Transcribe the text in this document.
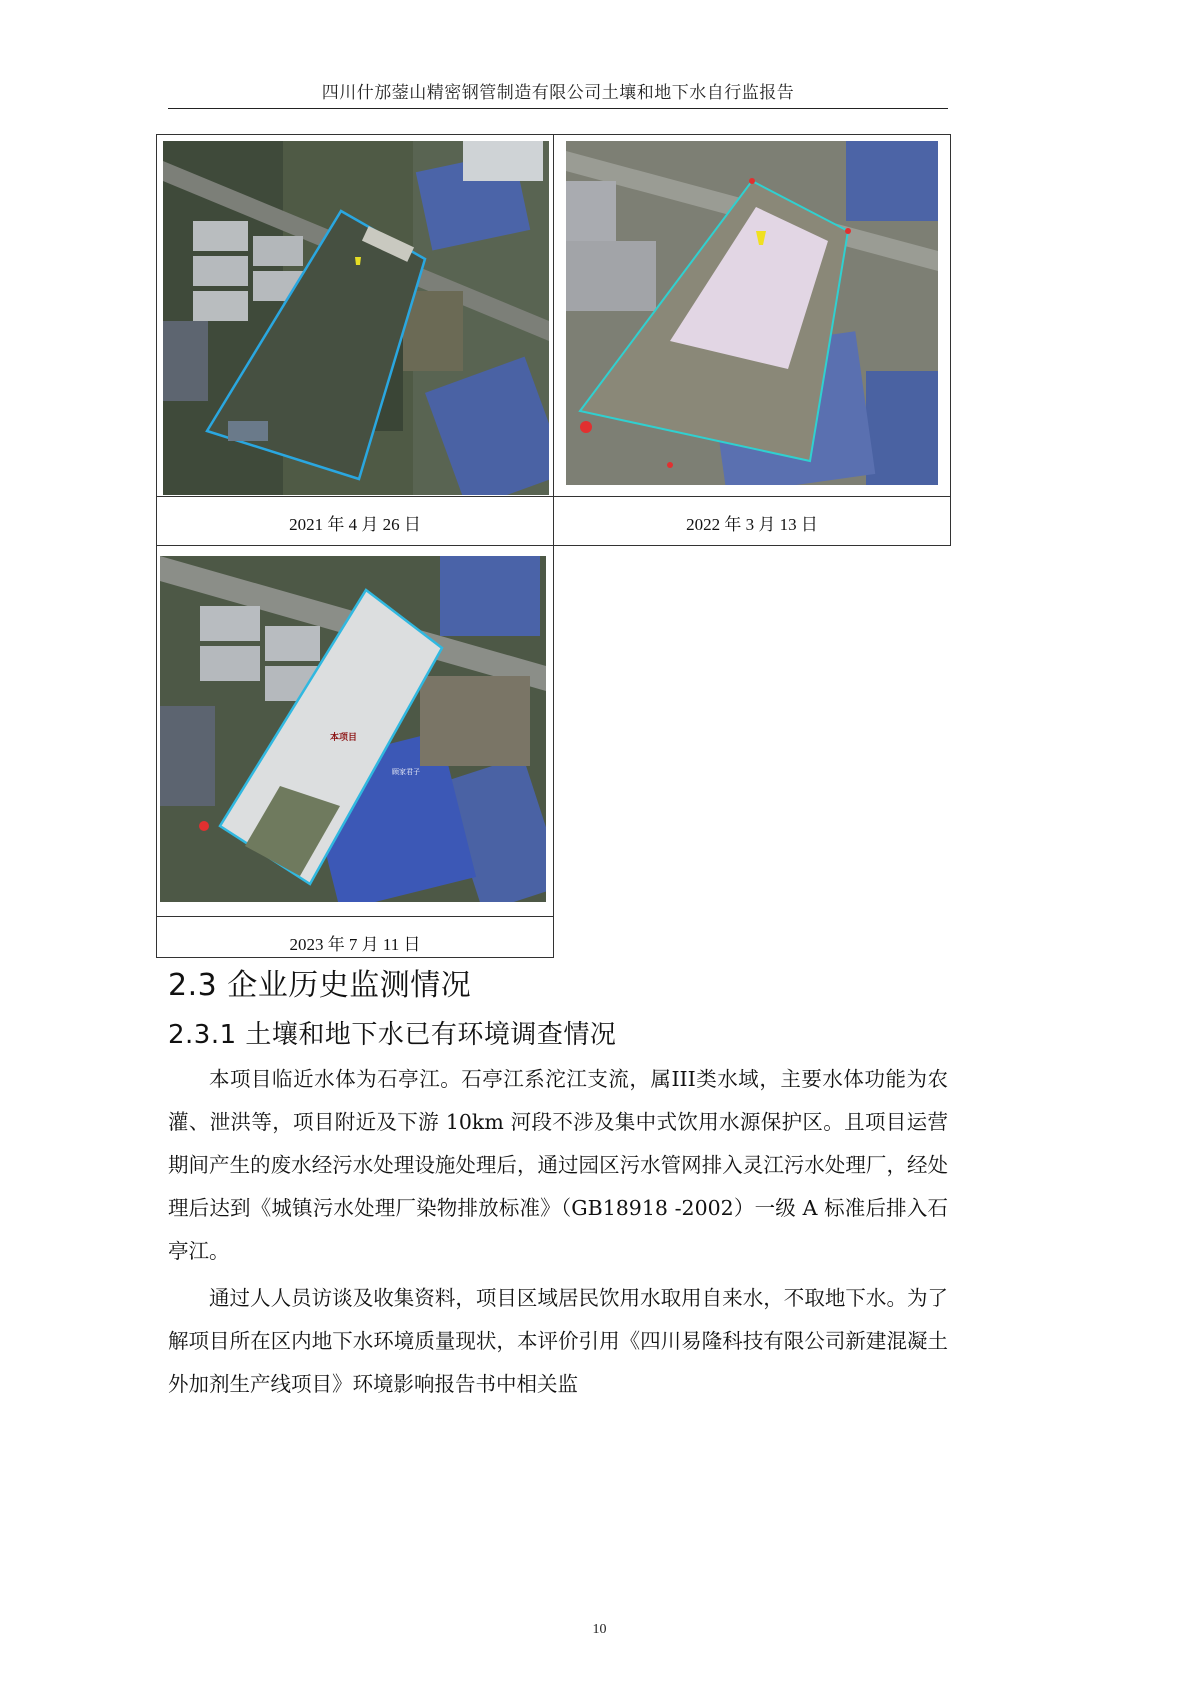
四川什邡蓥山精密钢管制造有限公司土壤和地下水自行监报告
2021 年 4 月 26 日	2022 年 3 月 13 日
本项目
顾家君子
2023 年 7 月 11 日
2.3 企业历史监测情况
2.3.1 土壤和地下水已有环境调查情况

本项目临近水体为石亭江。石亭江系沱江支流，属III类水域，主要水体功能为农灌、泄洪等，项目附近及下游 10km 河段不涉及集中式饮用水源保护区。且项目运营期间产生的废水经污水处理设施处理后，通过园区污水管网排入灵江污水处理厂，经处理后达到《城镇污水处理厂染物排放标准》（GB18918 -2002）一级 A 标准后排入石亭江。

通过人人员访谈及收集资料，项目区域居民饮用水取用自来水，不取地下水。为了解项目所在区内地下水环境质量现状，本评价引用《四川易隆科技有限公司新建混凝土外加剂生产线项目》环境影响报告书中相关监

10
